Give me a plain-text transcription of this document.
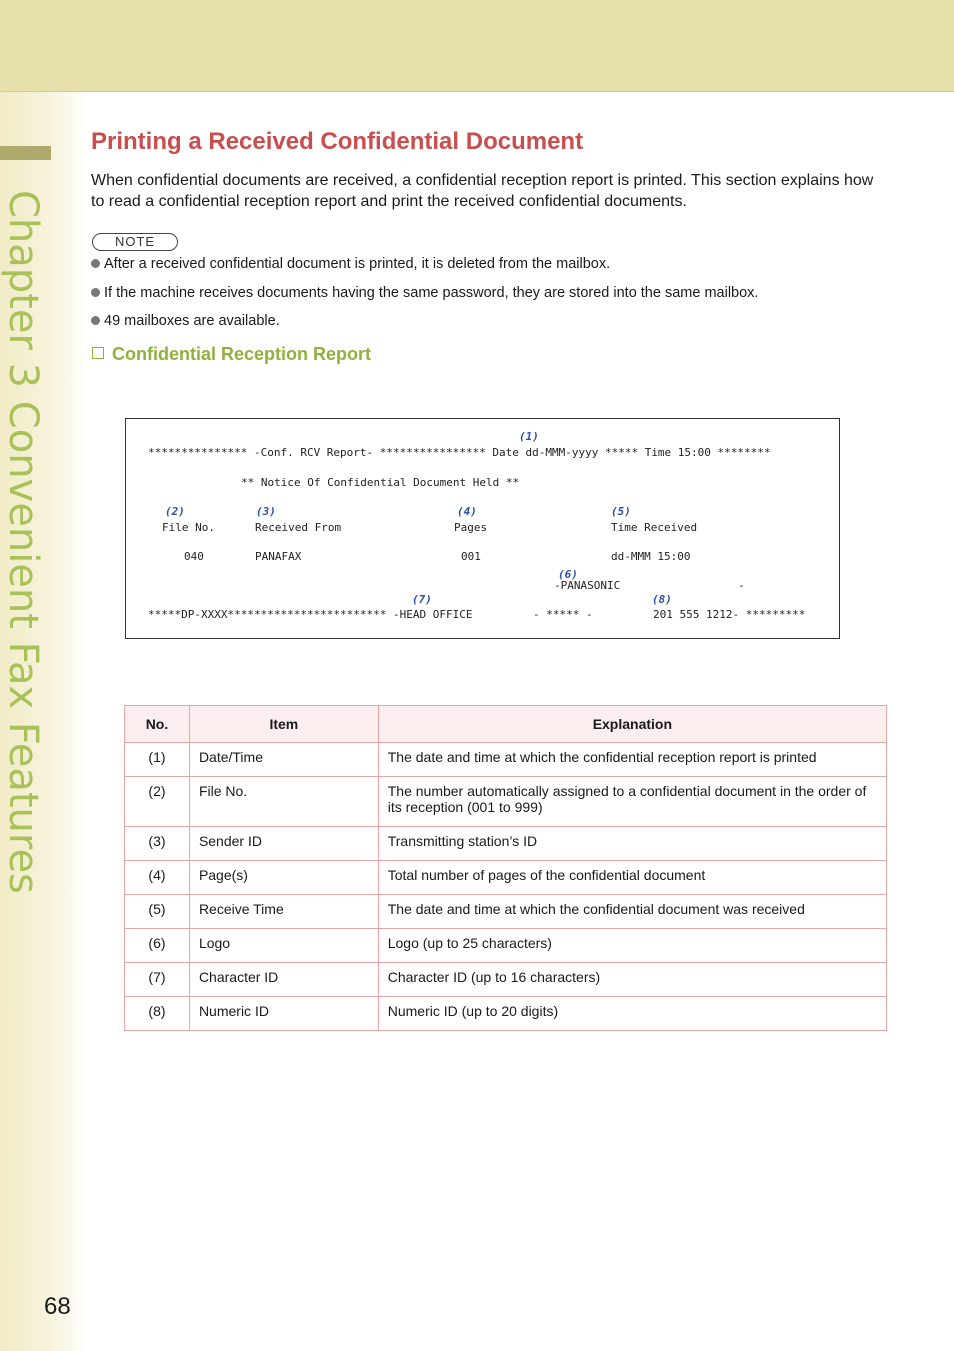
Chapter 3 Convenient Fax Features
68
Printing a Received Confidential Document

When confidential documents are received, a confidential reception report is printed. This section explains how to read a confidential reception report and print the received confidential documents.

NOTE
After a received confidential document is printed, it is deleted from the mailbox.
If the machine receives documents having the same password, they are stored into the same mailbox.
49 mailboxes are available.
Confidential Reception Report
(1)
*************** -Conf. RCV Report- **************** Date dd-MMM-yyyy ***** Time 15:00 ********
** Notice Of Confidential Document Held **
(2)	(3)	(4)	(5)
File No.	Received From	Pages	Time Received
040	PANAFAX	001	dd-MMM 15:00
(6)
-PANASONIC	-
(7)	(8)
*****DP-XXXX************************ -HEAD OFFICE	- ***** -	201 555 1212- *********
No.	Item	Explanation
(1)	Date/Time	The date and time at which the confidential reception report is printed
(2)	File No.	The number automatically assigned to a confidential document in the order of its reception (001 to 999)
(3)	Sender ID	Transmitting station’s ID
(4)	Page(s)	Total number of pages of the confidential document
(5)	Receive Time	The date and time at which the confidential document was received
(6)	Logo	Logo (up to 25 characters)
(7)	Character ID	Character ID (up to 16 characters)
(8)	Numeric ID	Numeric ID (up to 20 digits)
